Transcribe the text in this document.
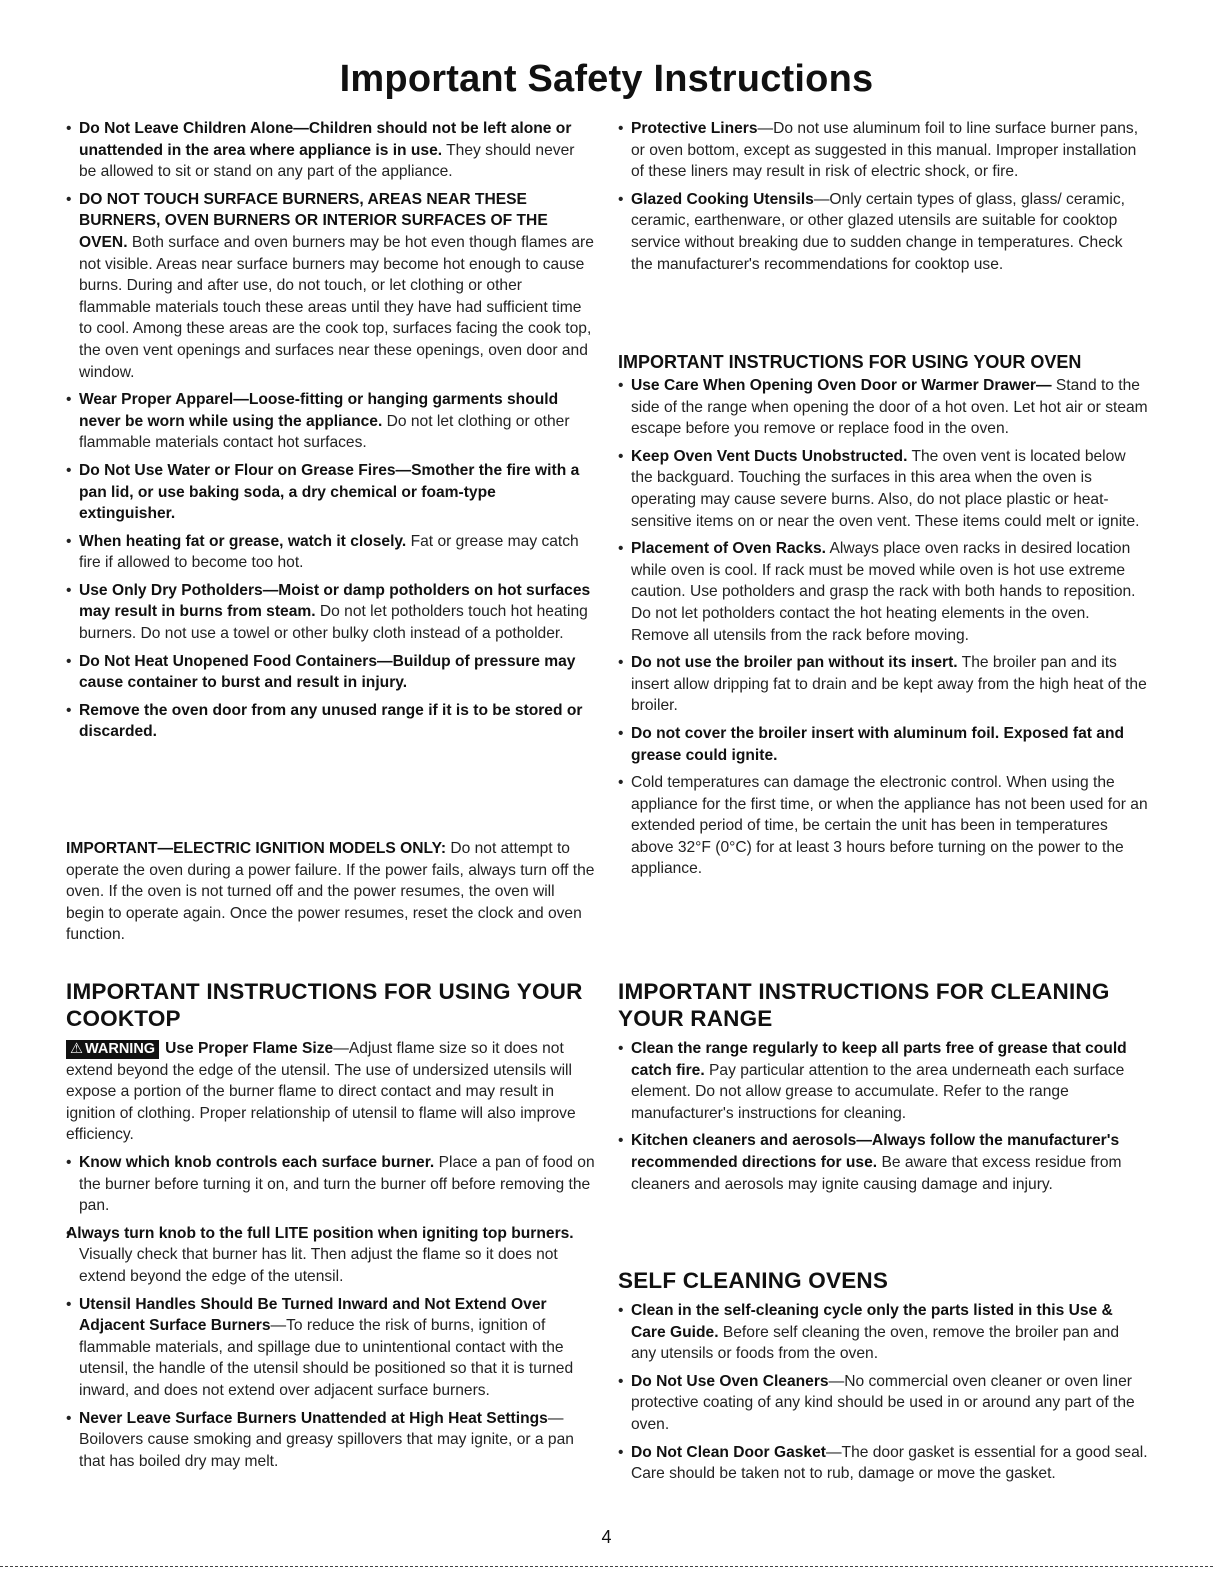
Important Safety Instructions

• Do Not Leave Children Alone—Children should not be left alone or unattended in the area where appliance is in use. They should never be allowed to sit or stand on any part of the appliance.

• DO NOT TOUCH SURFACE BURNERS, AREAS NEAR THESE BURNERS, OVEN BURNERS OR INTERIOR SURFACES OF THE OVEN. Both surface and oven burners may be hot even though flames are not visible. Areas near surface burners may become hot enough to cause burns. During and after use, do not touch, or let clothing or other flammable materials touch these areas until they have had sufficient time to cool. Among these areas are the cook top, surfaces facing the cook top, the oven vent openings and surfaces near these openings, oven door and window.

• Wear Proper Apparel—Loose-fitting or hanging garments should never be worn while using the appliance. Do not let clothing or other flammable materials contact hot surfaces.

• Do Not Use Water or Flour on Grease Fires—Smother the fire with a pan lid, or use baking soda, a dry chemical or foam-type extinguisher.

• When heating fat or grease, watch it closely. Fat or grease may catch fire if allowed to become too hot.

• Use Only Dry Potholders—Moist or damp potholders on hot surfaces may result in burns from steam. Do not let potholders touch hot heating burners. Do not use a towel or other bulky cloth instead of a potholder.

• Do Not Heat Unopened Food Containers—Buildup of pressure may cause container to burst and result in injury.

• Remove the oven door from any unused range if it is to be stored or discarded.

IMPORTANT—ELECTRIC IGNITION MODELS ONLY: Do not attempt to operate the oven during a power failure. If the power fails, always turn off the oven. If the oven is not turned off and the power resumes, the oven will begin to operate again. Once the power resumes, reset the clock and oven function.

IMPORTANT INSTRUCTIONS FOR USING YOUR COOKTOP

⚠ WARNING Use Proper Flame Size—Adjust flame size so it does not extend beyond the edge of the utensil. The use of undersized utensils will expose a portion of the burner flame to direct contact and may result in ignition of clothing. Proper relationship of utensil to flame will also improve efficiency.

• Know which knob controls each surface burner. Place a pan of food on the burner before turning it on, and turn the burner off before removing the pan.

• Always turn knob to the full LITE position when igniting top burners. Visually check that burner has lit. Then adjust the flame so it does not extend beyond the edge of the utensil.

• Utensil Handles Should Be Turned Inward and Not Extend Over Adjacent Surface Burners—To reduce the risk of burns, ignition of flammable materials, and spillage due to unintentional contact with the utensil, the handle of the utensil should be positioned so that it is turned inward, and does not extend over adjacent surface burners.

• Never Leave Surface Burners Unattended at High Heat Settings—Boilovers cause smoking and greasy spillovers that may ignite, or a pan that has boiled dry may melt.

• Protective Liners—Do not use aluminum foil to line surface burner pans, or oven bottom, except as suggested in this manual. Improper installation of these liners may result in risk of electric shock, or fire.

• Glazed Cooking Utensils—Only certain types of glass, glass/ ceramic, ceramic, earthenware, or other glazed utensils are suitable for cooktop service without breaking due to sudden change in temperatures. Check the manufacturer's recommendations for cooktop use.

IMPORTANT INSTRUCTIONS FOR USING YOUR OVEN

• Use Care When Opening Oven Door or Warmer Drawer— Stand to the side of the range when opening the door of a hot oven. Let hot air or steam escape before you remove or replace food in the oven.

• Keep Oven Vent Ducts Unobstructed. The oven vent is located below the backguard. Touching the surfaces in this area when the oven is operating may cause severe burns. Also, do not place plastic or heat-sensitive items on or near the oven vent. These items could melt or ignite.

• Placement of Oven Racks. Always place oven racks in desired location while oven is cool. If rack must be moved while oven is hot use extreme caution. Use potholders and grasp the rack with both hands to reposition. Do not let potholders contact the hot heating elements in the oven. Remove all utensils from the rack before moving.

• Do not use the broiler pan without its insert. The broiler pan and its insert allow dripping fat to drain and be kept away from the high heat of the broiler.

• Do not cover the broiler insert with aluminum foil. Exposed fat and grease could ignite.

• Cold temperatures can damage the electronic control. When using the appliance for the first time, or when the appliance has not been used for an extended period of time, be certain the unit has been in temperatures above 32°F (0°C) for at least 3 hours before turning on the power to the appliance.

IMPORTANT INSTRUCTIONS FOR CLEANING YOUR RANGE

• Clean the range regularly to keep all parts free of grease that could catch fire. Pay particular attention to the area underneath each surface element. Do not allow grease to accumulate. Refer to the range manufacturer's instructions for cleaning.

• Kitchen cleaners and aerosols—Always follow the manufacturer's recommended directions for use. Be aware that excess residue from cleaners and aerosols may ignite causing damage and injury.

SELF CLEANING OVENS

• Clean in the self-cleaning cycle only the parts listed in this Use & Care Guide. Before self cleaning the oven, remove the broiler pan and any utensils or foods from the oven.

• Do Not Use Oven Cleaners—No commercial oven cleaner or oven liner protective coating of any kind should be used in or around any part of the oven.

• Do Not Clean Door Gasket—The door gasket is essential for a good seal. Care should be taken not to rub, damage or move the gasket.

4
